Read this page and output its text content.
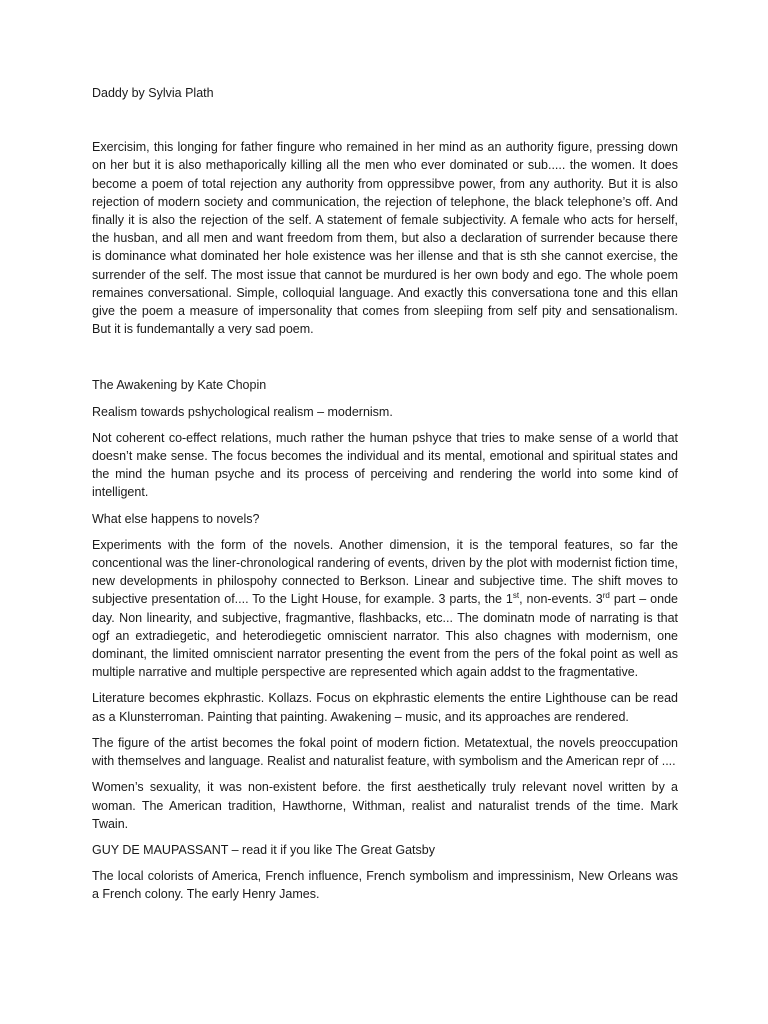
Daddy by Sylvia Plath

Exercisim, this longing for father fingure who remained in her mind as an authority figure, pressing down on her but it is also methaporically killing all the men who ever dominated or sub..... the women. It does become a poem of total rejection any authority from oppressibve power, from any authority. But it is also rejection of modern society and communication, the rejection of telephone, the black telephone’s off. And finally it is also the rejection of the self. A statement of female subjectivity. A female who acts for herself, the husban, and all men and want freedom from them, but also a declaration of surrender because there is dominance what dominated her hole existence was her illense and that is sth she cannot exercise, the surrender of the self. The most issue that cannot be murdured is her own body and ego. The whole poem remaines conversational. Simple, colloquial language. And exactly this conversationa tone and this ellan give the poem a measure of impersonality that comes from sleepiing from self pity and sensationalism. But it is fundemantally a very sad poem.

The Awakening by Kate Chopin

Realism towards pshychological realism – modernism.

Not coherent co-effect relations, much rather the human pshyce that tries to make sense of a world that doesn’t make sense. The focus becomes the individual and its mental, emotional and spiritual states and the mind the human psyche and its process of perceiving and rendering the world into some kind of intelligent.

What else happens to novels?

Experiments with the form of the novels. Another dimension, it is the temporal features, so far the concentional was the liner-chronological randering of events, driven by the plot with modernist fiction time, new developments in philospohy connected to Berkson. Linear and subjective time. The shift moves to subjective presentation of.... To the Light House, for example. 3 parts, the 1st, non-events. 3rd part – onde day. Non linearity, and subjective, fragmantive, flashbacks, etc... The dominatn mode of narrating is that ogf an extradiegetic, and heterodiegetic omniscient narrator. This also chagnes with modernism, one dominant, the limited omniscient narrator presenting the event from the pers of the fokal point as well as multiple narrative and multiple perspective are represented which again addst to the fragmentative.

Literature becomes ekphrastic. Kollazs. Focus on ekphrastic elements the entire Lighthouse can be read as a Klunsterroman. Painting that painting. Awakening – music, and its approaches are rendered.

The figure of the artist becomes the fokal point of modern fiction. Metatextual, the novels preoccupation with themselves and language. Realist and naturalist feature, with symbolism and the American repr of ....

Women’s sexuality, it was non-existent before. the first aesthetically truly relevant novel written by a woman. The American tradition, Hawthorne, Withman, realist and naturalist trends of the time. Mark Twain.

GUY DE MAUPASSANT – read it if you like The Great Gatsby

The local colorists of America, French influence, French symbolism and impressinism, New Orleans was a French colony. The early Henry James.
